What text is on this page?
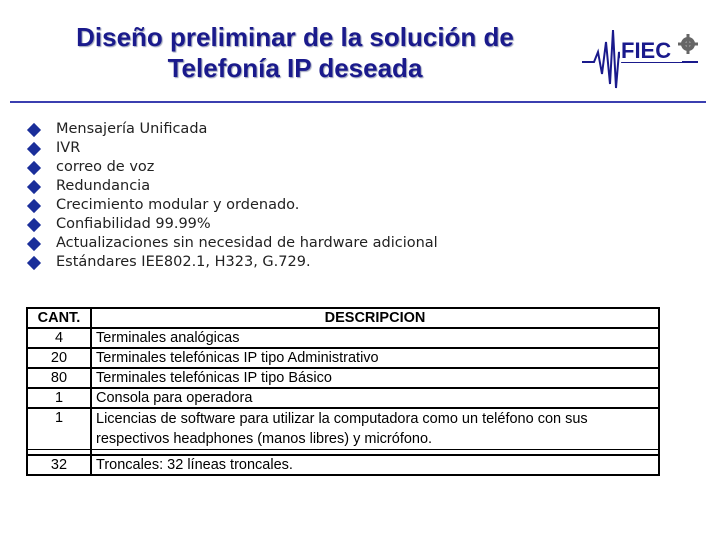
Diseño preliminar de la solución de
Telefonía IP deseada
FIEC
Mensajería Unificada
IVR
correo de voz
Redundancia
Crecimiento modular y ordenado.
Confiabilidad 99.99%
Actualizaciones sin necesidad de hardware adicional
Estándares IEE802.1, H323, G.729.
CANT.	DESCRIPCION
4	Terminales analógicas
20	Terminales telefónicas IP tipo Administrativo
80	Terminales telefónicas IP tipo Básico
1	Consola para operadora
1	Licencias de software para utilizar la computadora como un teléfono con sus respectivos headphones (manos libres) y micrófono.

32	Troncales: 32 líneas troncales.
